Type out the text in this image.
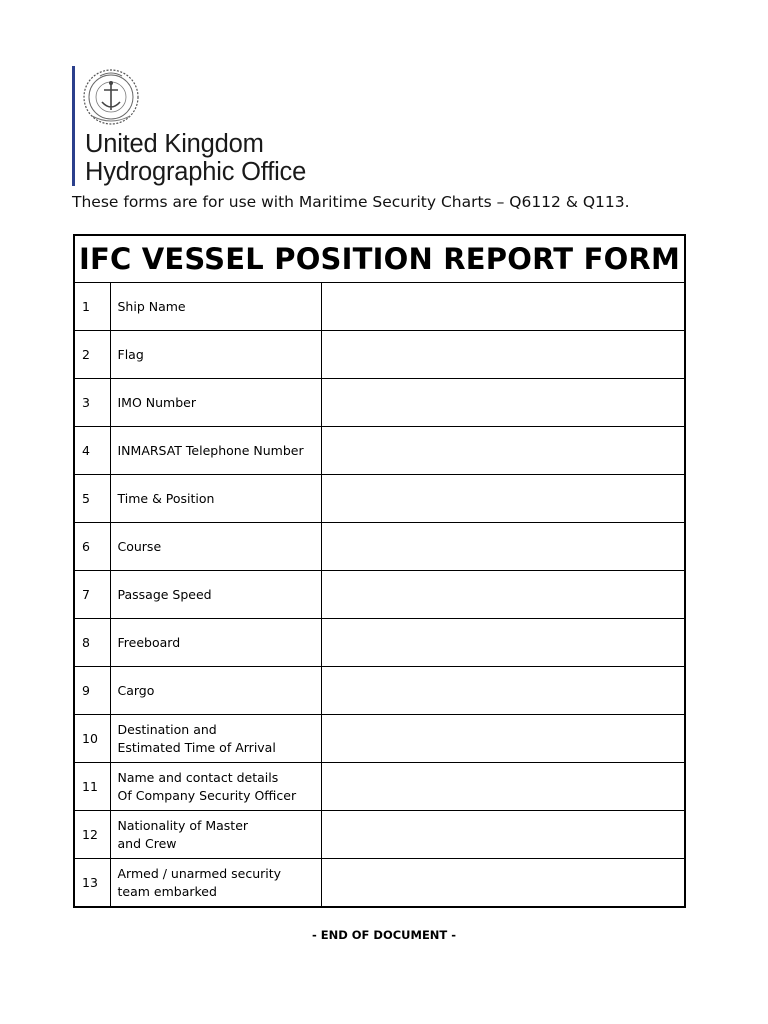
United Kingdom
Hydrographic Office
These forms are for use with Maritime Security Charts – Q6112 & Q113.
IFC VESSEL POSITION REPORT FORM		
1	Ship Name	
2	Flag	
3	IMO Number	
4	INMARSAT Telephone Number	
5	Time & Position	
6	Course	
7	Passage Speed	
8	Freeboard	
9	Cargo	
10	Destination and
Estimated Time of Arrival	
11	Name and contact details
Of Company Security Officer	
12	Nationality of Master
and Crew	
13	Armed / unarmed security
team embarked	
- END OF DOCUMENT -
